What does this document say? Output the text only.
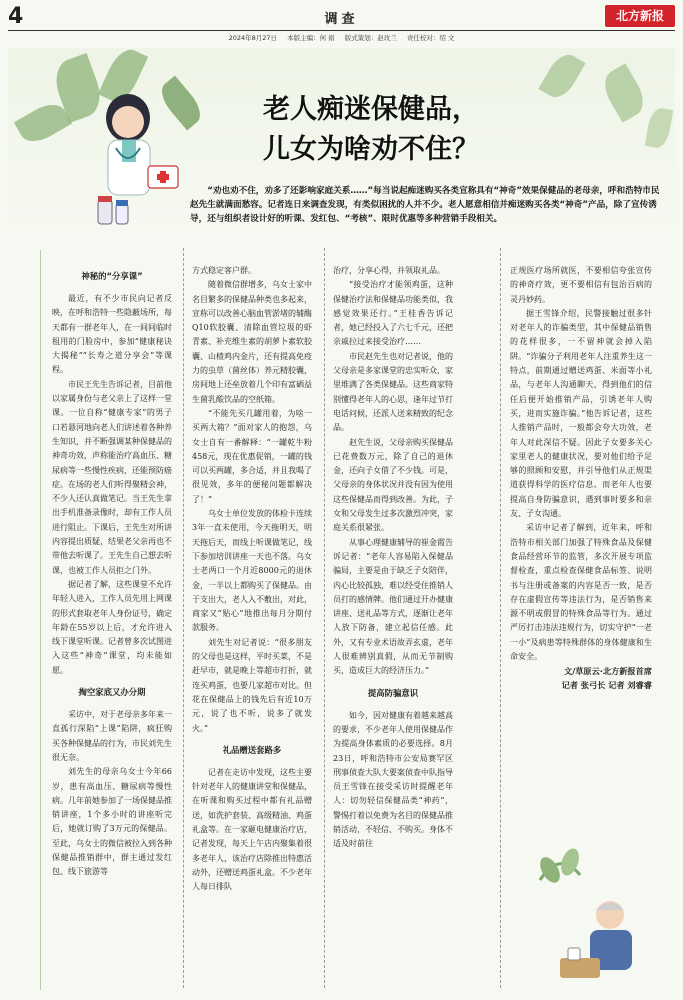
4	调查	北方新报
2024年8月27日 本版主编：何 娟 版式策划：赵玫兰 责任校对：绍 文
老人痴迷保健品，
儿女为啥劝不住？
“劝也劝不住，劝多了还影响家庭关系……”每当说起痴迷购买各类宣称具有“神奇”效果保健品的老母亲，呼和浩特市民赵先生就满面愁容。记者连日来调查发现，有类似困扰的人并不少。老人愿意相信并痴迷购买各类“神奇”产品，除了宣传诱导，还与组织者设计好的听课、发红包、“考核”、限时优惠等多种营销手段相关。

神秘的“分享课”

最近，有不少市民向记者反映，在呼和浩特一些隐蔽场所，每天都有一群老年人，在一间间临时租用的门脸房中，参加“健康秘诀大揭秘”“长寿之道分享会”等课程。

市民王先生告诉记者，目前他以家属身份与老父亲上了这样一堂课。一位自称“健康专家”的男子口若悬河地向老人们讲述着各种养生知识，并不断强调某种保健品的神奇功效，声称能治疗高血压、糖尿病等一些慢性疾病，还能预防癌症。在场的老人们听得聚精会神，不少人还认真做笔记。当王先生拿出手机准备录像时，却有工作人员进行阻止。下课后，王先生对所讲内容提出质疑，结果老父亲再也不带他去听课了。王先生自己想去听课，也被工作人员拒之门外。

据记者了解，这些课堂不允许年轻人进入，工作人员先用上网课的形式套取老年人身份证号，确定年龄在55岁以上后，才允许进入线下课堂听课。记者曾多次试图进入这些“神奇”课堂，均未能如愿。

掏空家底又办分期

采访中，对于老母亲多年来一直孤行深陷“上课”陷阱，疯狂购买各种保健品的行为，市民刘先生很无奈。

刘先生的母亲乌女士今年66岁，患有高血压、糖尿病等慢性病。几年前她参加了一场保健品推销讲座，1个多小时的讲座听完后，她就订购了3万元的保健品。至此，乌女士的微信被拉入到各种保健品推销群中，群主通过发红包、线下旅游等

方式稳定客户群。

随着微信群增多，乌女士家中名目繁多的保健品种类也多起来，宣称可以改善心脑血管淤堵的辅酶Q10软胶囊、清除血管垃圾的虾青素、补充维生素的胡萝卜素软胶囊、山楂鸡内金片，还有提高免疫力的虫草（菌丝体）养元精胶囊，房间地上还垒放着几个印有富硒益生菌乳酸饮品的空纸箱。

“不能先买几罐用着，为啥一买两大箱？”面对家人的抱怨，乌女士自有一番解释：“一罐乾牛粉458元，现在优惠促销，一罐的钱可以买两罐，多合适，并且我喝了很见效，多年的便秘问题都解决了！”

乌女士单位发放的体检卡连续3年一直未使用，今天拖明天，明天拖后天，而线上听课做笔记，线下参加培训讲座一天也不落。乌女士老两口一个月近8000元的退休金，一半以上都购买了保健品。由于支出大，老人入不敷出，对此，商家又“贴心”地推出每月分期付款服务。

刘先生对记者说：“很多朋友的父母也是这样，平时买菜，不是赶早市，就是晚上等超市打折，就连买鸡蛋，也要几家超市对比。但花在保健品上的钱先后有近10万元，说了也不听，说多了就发火。”

礼品赠送套路多

记者在走访中发现，这些主要针对老年人的健康讲堂和保健品，在听课和购买过程中都有礼品赠送，如洗护套装、高级精油、鸡蛋礼盒等。在一家砸电健康治疗店，记者发现，每天上午店内聚集着很多老年人，该治疗店除推出特惠活动外，还赠送鸡蛋礼盒。不少老年人每日排队

治疗，分享心得，并领取礼品。

“接受治疗才能领鸡蛋，这种保健治疗法和保健品功能类似，我感觉效果还行。”王桂香告诉记者，她已经投入了六七千元，还把亲戚拉过来接受治疗……

市民赵先生也对记者说，他的父母亲是多家课堂的忠实听众，家里堆满了各类保健品。这些商家特别懂得老年人的心思，逢年过节打电话问候，还派人送来精致的纪念品。

赵先生说，父母亲购买保健品已花费数万元，除了自己的退休金，还向子女借了不少钱。可是，父母亲的身体状况并没有因为使用这些保健品而得到改善。为此，子女和父母发生过多次激烈冲突，家庭关系很紧张。

从事心理健康辅导的崔金霞告诉记者：“老年人容易陷入保健品骗局，主要是由于缺乏子女陪伴，内心比较孤独，难以经受住推销人员打的感情牌。他们通过开办健康讲座、送礼品等方式，逐渐让老年人放下防备，建立起信任感。此外，又有专业术语故弄玄虚，老年人很难辨别真假，从而无节制购买，造成巨大的经济压力。”

提高防骗意识

如今，因对健康有着越来越高的要求，不少老年人使用保健品作为提高身体素质的必要选择。8月23日，呼和浩特市公安局赛罕区刑事侦查大队大要案侦查中队指导员王雪锋在接受采访时提醒老年人：切勿轻信保健品类“神药”，警惕打着以免费为名目的保健品推销活动，不轻信、不购买。身体不适及时前往

正规医疗场所就医，不要相信夸张宣传的神奇疗效，更不要相信有包治百病的灵丹妙药。

据王雪锋介绍，民警接触过很多针对老年人的诈骗类型，其中保健品销售的花样很多，一不留神就会掉入陷阱。“诈骗分子利用老年人注重养生这一特点，前期通过赠送鸡蛋、米面等小礼品，与老年人沟通聊天，得到他们的信任后便开始推销产品，引诱老年人购买，进而实施诈骗。”他告诉记者，这些人推销产品时，一般都会夸大功效，老年人对此深信不疑。因此子女要多关心家里老人的健康状况，要对他们给予足够的照顾和安慰，并引导他们从正规渠道获得科学的医疗信息。而老年人也要提高自身防骗意识，遇到事时要多和亲友、子女沟通。

采访中记者了解到，近年来，呼和浩特市相关部门加强了特殊食品及保健食品经营环节的监管，多次开展专项监督检查，重点检查保健食品标签、说明书与注册或备案的内容是否一致，是否存在虚假宣传等违法行为，是否销售来源不明或假冒的特殊食品等行为。通过严厉打击违法违规行为，切实守护“一老一小”及病患等特殊群体的身体健康和生命安全。

文/草原云·北方新报首席

记者 张弓长 记者 刘睿睿
